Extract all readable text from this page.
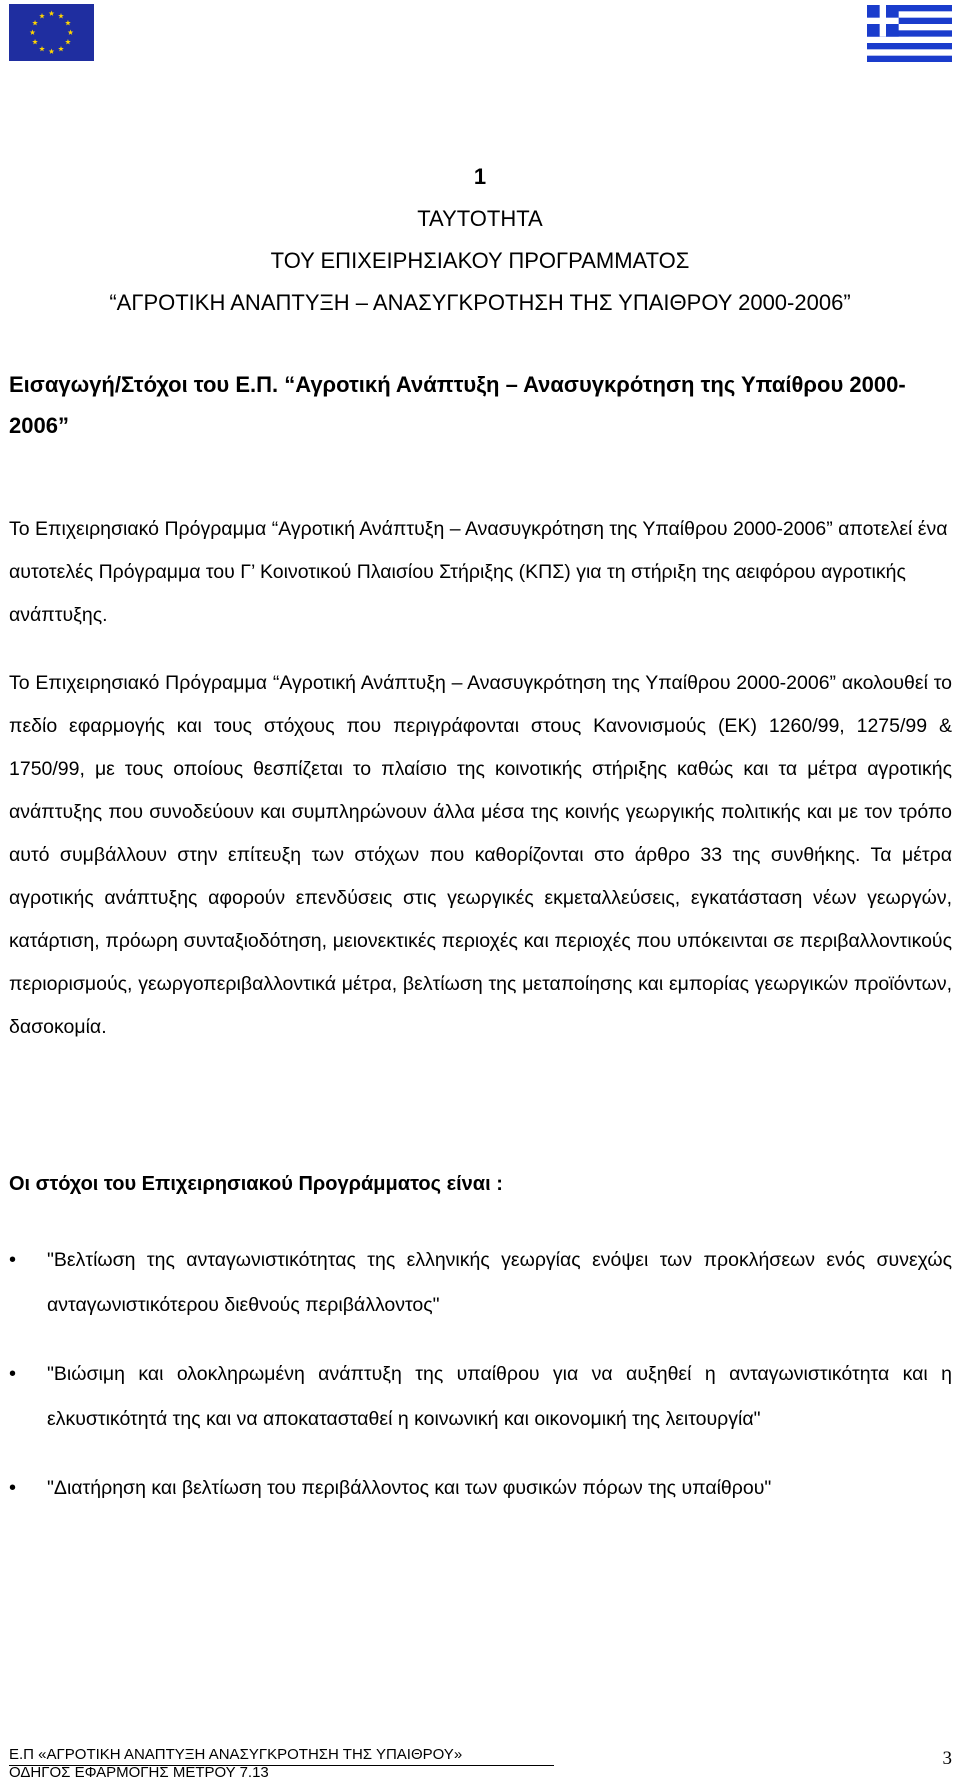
1
ΤΑΥΤΟΤΗΤΑ
ΤΟΥ ΕΠΙΧΕΙΡΗΣΙΑΚΟΥ ΠΡΟΓΡΑΜΜΑΤΟΣ
“ΑΓΡΟΤΙΚΗ ΑΝΑΠΤΥΞΗ – ΑΝΑΣΥΓΚΡΟΤΗΣΗ ΤΗΣ ΥΠΑΙΘΡΟΥ 2000-2006”
Εισαγωγή/Στόχοι του Ε.Π. “Αγροτική Ανάπτυξη – Ανασυγκρότηση της Υπαίθρου 2000-2006”
Το Επιχειρησιακό Πρόγραμμα “Αγροτική Ανάπτυξη – Ανασυγκρότηση της Υπαίθρου 2000-2006” αποτελεί ένα αυτοτελές Πρόγραμμα του Γ’ Κοινοτικού Πλαισίου Στήριξης (ΚΠΣ) για τη στήριξη της αειφόρου αγροτικής ανάπτυξης.
Το Επιχειρησιακό Πρόγραμμα “Αγροτική Ανάπτυξη – Ανασυγκρότηση της Υπαίθρου 2000-2006” ακολουθεί το πεδίο εφαρμογής και τους στόχους που περιγράφονται στους Κανονισμούς (ΕΚ) 1260/99, 1275/99 & 1750/99, με τους οποίους θεσπίζεται το πλαίσιο της κοινοτικής στήριξης καθώς και τα μέτρα αγροτικής ανάπτυξης που συνοδεύουν και συμπληρώνουν άλλα μέσα της κοινής γεωργικής πολιτικής και με τον τρόπο αυτό συμβάλλουν στην επίτευξη των στόχων που καθορίζονται στο άρθρο 33 της συνθήκης. Τα μέτρα αγροτικής ανάπτυξης αφορούν επενδύσεις στις γεωργικές εκμεταλλεύσεις, εγκατάσταση νέων γεωργών, κατάρτιση, πρόωρη συνταξιοδότηση, μειονεκτικές περιοχές και περιοχές που υπόκεινται σε περιβαλλοντικούς περιορισμούς, γεωργοπεριβαλλοντικά μέτρα, βελτίωση της μεταποίησης και εμπορίας γεωργικών προϊόντων, δασοκομία.
Οι στόχοι του Επιχειρησιακού Προγράμματος είναι :
• "Βελτίωση της ανταγωνιστικότητας της ελληνικής γεωργίας ενόψει των προκλήσεων ενός συνεχώς ανταγωνιστικότερου διεθνούς περιβάλλοντος"
• "Βιώσιμη και ολοκληρωμένη ανάπτυξη της υπαίθρου για να αυξηθεί η ανταγωνιστικότητα και η ελκυστικότητά της και να αποκατασταθεί η κοινωνική και οικονομική της λειτουργία"
• "Διατήρηση και βελτίωση του περιβάλλοντος και των φυσικών πόρων της υπαίθρου"
Ε.Π «ΑΓΡΟΤΙΚΗ ΑΝΑΠΤΥΞΗ ΑΝΑΣΥΓΚΡΟΤΗΣΗ ΤΗΣ ΥΠΑΙΘΡΟΥ»
ΟΔΗΓΟΣ ΕΦΑΡΜΟΓΗΣ ΜΕΤΡΟΥ 7.13
3
